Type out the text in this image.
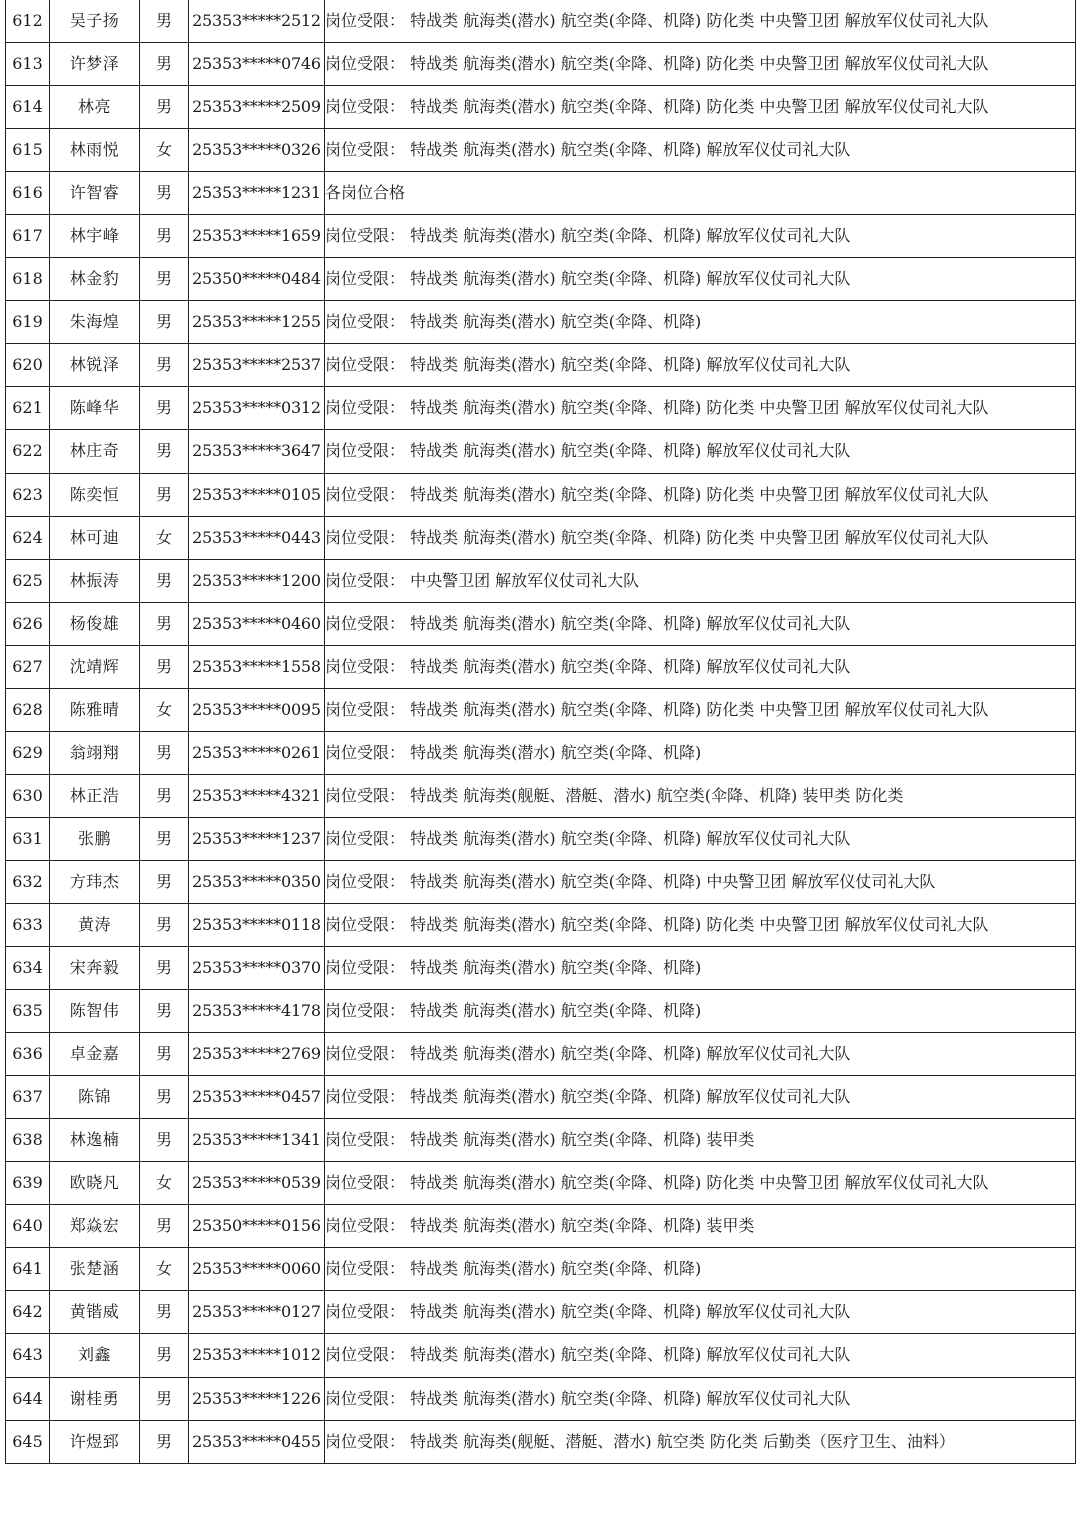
612	吴子扬	男	25353*****2512	岗位受限： 特战类 航海类(潜水) 航空类(伞降、机降) 防化类 中央警卫团 解放军仪仗司礼大队
613	许梦泽	男	25353*****0746	岗位受限： 特战类 航海类(潜水) 航空类(伞降、机降) 防化类 中央警卫团 解放军仪仗司礼大队
614	林亮	男	25353*****2509	岗位受限： 特战类 航海类(潜水) 航空类(伞降、机降) 防化类 中央警卫团 解放军仪仗司礼大队
615	林雨悦	女	25353*****0326	岗位受限： 特战类 航海类(潜水) 航空类(伞降、机降) 解放军仪仗司礼大队
616	许智睿	男	25353*****1231	各岗位合格
617	林宇峰	男	25353*****1659	岗位受限： 特战类 航海类(潜水) 航空类(伞降、机降) 解放军仪仗司礼大队
618	林金豹	男	25350*****0484	岗位受限： 特战类 航海类(潜水) 航空类(伞降、机降) 解放军仪仗司礼大队
619	朱海煌	男	25353*****1255	岗位受限： 特战类 航海类(潜水) 航空类(伞降、机降)
620	林锐泽	男	25353*****2537	岗位受限： 特战类 航海类(潜水) 航空类(伞降、机降) 解放军仪仗司礼大队
621	陈峰华	男	25353*****0312	岗位受限： 特战类 航海类(潜水) 航空类(伞降、机降) 防化类 中央警卫团 解放军仪仗司礼大队
622	林庄奇	男	25353*****3647	岗位受限： 特战类 航海类(潜水) 航空类(伞降、机降) 解放军仪仗司礼大队
623	陈奕恒	男	25353*****0105	岗位受限： 特战类 航海类(潜水) 航空类(伞降、机降) 防化类 中央警卫团 解放军仪仗司礼大队
624	林可迪	女	25353*****0443	岗位受限： 特战类 航海类(潜水) 航空类(伞降、机降) 防化类 中央警卫团 解放军仪仗司礼大队
625	林振涛	男	25353*****1200	岗位受限： 中央警卫团 解放军仪仗司礼大队
626	杨俊雄	男	25353*****0460	岗位受限： 特战类 航海类(潜水) 航空类(伞降、机降) 解放军仪仗司礼大队
627	沈靖辉	男	25353*****1558	岗位受限： 特战类 航海类(潜水) 航空类(伞降、机降) 解放军仪仗司礼大队
628	陈雅晴	女	25353*****0095	岗位受限： 特战类 航海类(潜水) 航空类(伞降、机降) 防化类 中央警卫团 解放军仪仗司礼大队
629	翁翊翔	男	25353*****0261	岗位受限： 特战类 航海类(潜水) 航空类(伞降、机降)
630	林正浩	男	25353*****4321	岗位受限： 特战类 航海类(舰艇、潜艇、潜水) 航空类(伞降、机降) 装甲类 防化类
631	张鹏	男	25353*****1237	岗位受限： 特战类 航海类(潜水) 航空类(伞降、机降) 解放军仪仗司礼大队
632	方玮杰	男	25353*****0350	岗位受限： 特战类 航海类(潜水) 航空类(伞降、机降) 中央警卫团 解放军仪仗司礼大队
633	黄涛	男	25353*****0118	岗位受限： 特战类 航海类(潜水) 航空类(伞降、机降) 防化类 中央警卫团 解放军仪仗司礼大队
634	宋奔毅	男	25353*****0370	岗位受限： 特战类 航海类(潜水) 航空类(伞降、机降)
635	陈智伟	男	25353*****4178	岗位受限： 特战类 航海类(潜水) 航空类(伞降、机降)
636	卓金嘉	男	25353*****2769	岗位受限： 特战类 航海类(潜水) 航空类(伞降、机降) 解放军仪仗司礼大队
637	陈锦	男	25353*****0457	岗位受限： 特战类 航海类(潜水) 航空类(伞降、机降) 解放军仪仗司礼大队
638	林逸楠	男	25353*****1341	岗位受限： 特战类 航海类(潜水) 航空类(伞降、机降) 装甲类
639	欧晓凡	女	25353*****0539	岗位受限： 特战类 航海类(潜水) 航空类(伞降、机降) 防化类 中央警卫团 解放军仪仗司礼大队
640	郑焱宏	男	25350*****0156	岗位受限： 特战类 航海类(潜水) 航空类(伞降、机降) 装甲类
641	张楚涵	女	25353*****0060	岗位受限： 特战类 航海类(潜水) 航空类(伞降、机降)
642	黄锴威	男	25353*****0127	岗位受限： 特战类 航海类(潜水) 航空类(伞降、机降) 解放军仪仗司礼大队
643	刘鑫	男	25353*****1012	岗位受限： 特战类 航海类(潜水) 航空类(伞降、机降) 解放军仪仗司礼大队
644	谢桂勇	男	25353*****1226	岗位受限： 特战类 航海类(潜水) 航空类(伞降、机降) 解放军仪仗司礼大队
645	许煜郅	男	25353*****0455	岗位受限： 特战类 航海类(舰艇、潜艇、潜水) 航空类 防化类 后勤类（医疗卫生、油料）
